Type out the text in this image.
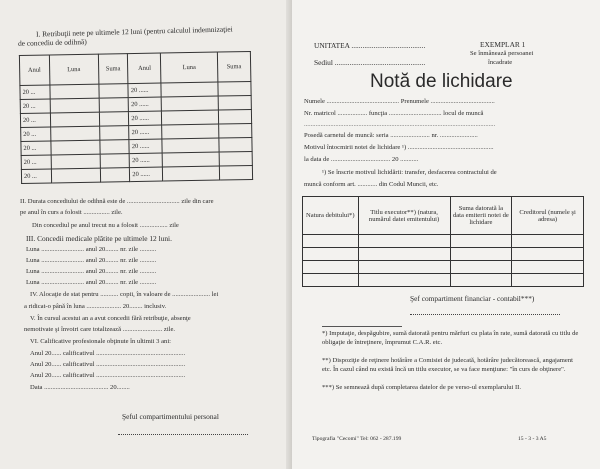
I. Retribuţii nete pe ultimele 12 luni (pentru calculul indemnizaţiei
de concediu de odihnă)
Anul	Luna	Suma	Anul	Luna	Suma
20 ...			20 ......		
20 ...			20 ......		
20 ...			20 ......		
20 ...			20 ......		
20 ...			20 ......		
20 ...			20 ......		
20 ...			20 ......		
II. Durata concediului de odihnă este de ................................ zile din care
pe anul în curs a folosit ................ zile.
Din concediul pe anul trecut nu a folosit ................. zile
III. Concedii medicale plătite pe ultimele 12 luni.
Luna .......................... anul 20........ nr. zile ..........
Luna .......................... anul 20........ nr. zile ..........
Luna .......................... anul 20........ nr. zile ..........
Luna .......................... anul 20........ nr. zile ..........
IV. Alocaţie de stat pentru ........... copii, în valoare de ....................... lei
a ridicat-o până în luna ..................... 20........ inclusiv.
V. În cursul acestui an a avut concedii fără retribuţie, absenţe
nemotivate şi învoiri care totalizează ........................ zile.
VI. Calificative profesionale obţinute în ultimii 3 ani:
Anul 20...... calificativul ......................................................
Anul 20...... calificativul ......................................................
Anul 20...... calificativul ......................................................
Data ....................................... 20........
Şeful compartimentului personal
UNITATEA ........................................
Sediul .................................................
EXEMPLAR 1
Se înmânează persoanei
încadrate
Notă de lichidare
Numele ............................................ Prenumele .......................................
Nr. matricol .................. funcţia ................................ locul de muncă
....................................................................................................................
Posedă carnetul de muncă: seria ........................ nr. .......................
Motivul întocmirii notei de lichidare ¹) ....................................................
la data de .................................... 20 ...........
¹) Se înscrie motivul lichidării: transfer, desfacerea contractului de
muncă conform art. ............ din Codul Muncii, etc.
Natura debitului*)	Titlu executor**) (natura, numărul datei emitentului)	Suma datorată la data emiterii notei de lichidare	Creditorul (numele şi adresa)

Şef compartiment financiar - contabil***)
*) Imputaţie, despăgubire, sumă datorată pentru mărfuri cu plata în rate, sumă datorată cu titlu de obligaţie de întreţinere, împrumut C.A.R. etc.
**) Dispoziţie de reţinere hotărâre a Comisiei de judecată, hotărâre judecătorească, angajament etc. În cazul când nu există încă un titlu executor, se va face menţiune: "în curs de obţinere".
***) Se semnează după completarea datelor de pe verso-ul exemplarului II.
Tipografia "Cecomi" Tel: 062 - 287.199	15 - 3 - 3 A5
